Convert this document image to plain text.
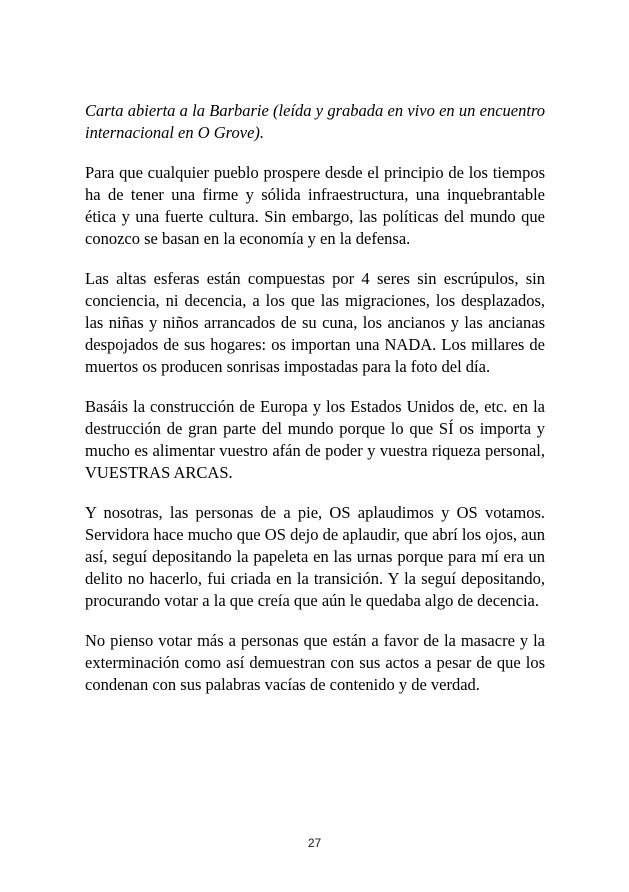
Carta abierta a la Barbarie (leída y grabada en vivo en un encuentro internacional en O Grove).

Para que cualquier pueblo prospere desde el principio de los tiempos ha de tener una firme y sólida infraestructura, una inquebrantable ética y una fuerte cultura. Sin embargo, las políticas del mundo que conozco se basan en la economía y en la defensa.

Las altas esferas están compuestas por 4 seres sin escrúpulos, sin conciencia, ni decencia, a los que las migraciones, los desplazados, las niñas y niños arrancados de su cuna, los ancianos y las ancianas despojados de sus hogares: os importan una NADA. Los millares de muertos os producen sonrisas impostadas para la foto del día.

Basáis la construcción de Europa y los Estados Unidos de, etc. en la destrucción de gran parte del mundo porque lo que SÍ os importa y mucho es alimentar vuestro afán de poder y vuestra riqueza personal, VUESTRAS ARCAS.

Y nosotras, las personas de a pie, OS aplaudimos y OS votamos. Servidora hace mucho que OS dejo de aplaudir, que abrí los ojos, aun así, seguí depositando la papeleta en las urnas porque para mí era un delito no hacerlo, fui criada en la transición. Y la seguí depositando, procurando votar a la que creía que aún le quedaba algo de decencia.

No pienso votar más a personas que están a favor de la masacre y la exterminación como así demuestran con sus actos a pesar de que los condenan con sus palabras vacías de contenido y de verdad.

27
